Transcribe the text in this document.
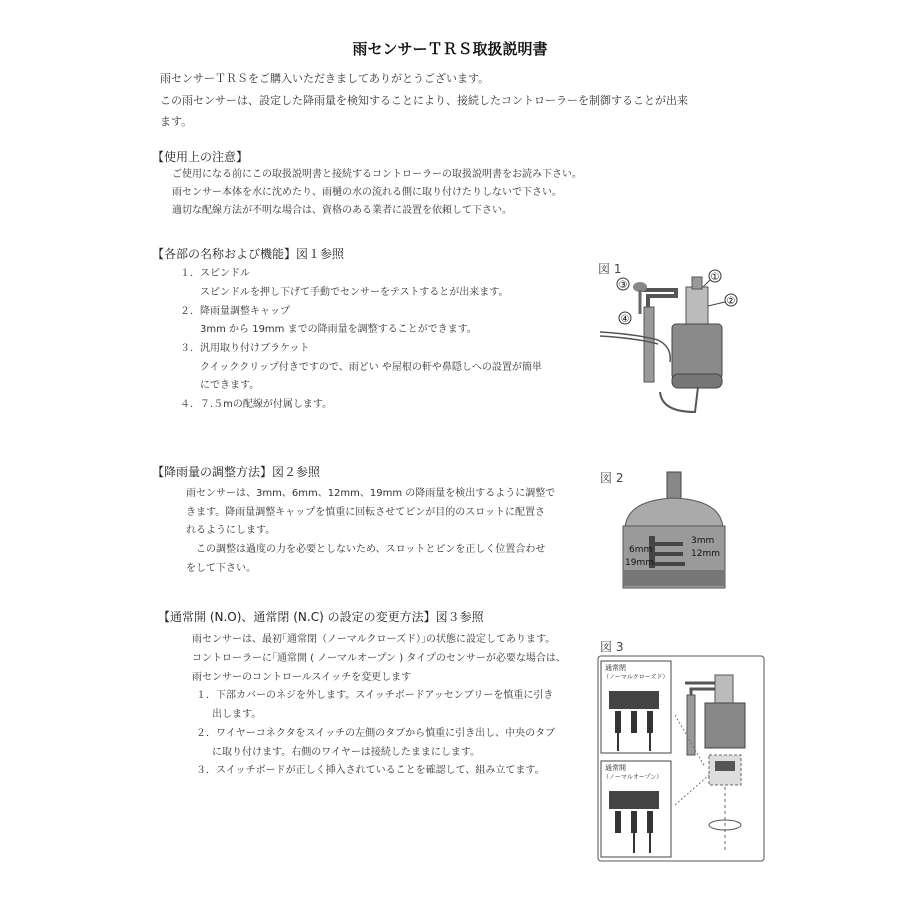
雨センサーＴＲＳ取扱説明書
雨センサーＴＲＳをご購入いただきましてありがとうございます。
この雨センサーは、設定した降雨量を検知することにより、接続したコントローラーを制御することが出来
ます。
【使用上の注意】
ご使用になる前にこの取扱説明書と接続するコントローラーの取扱説明書をお読み下さい。
雨センサー本体を水に沈めたり、雨樋の水の流れる側に取り付けたりしないで下さい。
適切な配線方法が不明な場合は、資格のある業者に設置を依頼して下さい。
【各部の名称および機能】図１参照
１．スピンドル
スピンドルを押し下げて手動でセンサーをテストするとが出来ます。
２．降雨量調整キャップ
3mm から 19mm までの降雨量を調整することができます。
３．汎用取り付けブラケット
クイッククリップ付きですので、雨どい や屋根の軒や鼻隠しへの設置が簡単
にできます。
４．７.５mの配線が付属します。
図 1
①
②
③
④
【降雨量の調整方法】図２参照
雨センサーは、3mm、6mm、12mm、19mm の降雨量を検出するように調整で
きます。降雨量調整キャップを慎重に回転させてピンが目的のスロットに配置さ
れるようにします。
この調整は過度の力を必要としないため、スロットとピンを正しく位置合わせ
をして下さい。
図 2
3mm
6mm	12mm
19mm
【通常開 (N.O)、通常閉 (N.C) の設定の変更方法】図３参照
雨センサーは、最初｢通常閉（ノーマルクローズド）｣の状態に設定してあります。
コントローラーに｢通常開 ( ノーマルオープン ) タイプのセンサーが必要な場合は、
雨センサーのコントロールスイッチを変更します
１．下部カバーのネジを外します。スイッチボードアッセンブリーを慎重に引き
出します。
２．ワイヤーコネクタをスイッチの左側のタブから慎重に引き出し、中央のタブ
に取り付けます。右側のワイヤーは接続したままにします。
３．スイッチボードが正しく挿入されていることを確認して、組み立てます。
図 3
通常閉
（ノーマルクローズド）
通常開
（ノーマルオープン）
